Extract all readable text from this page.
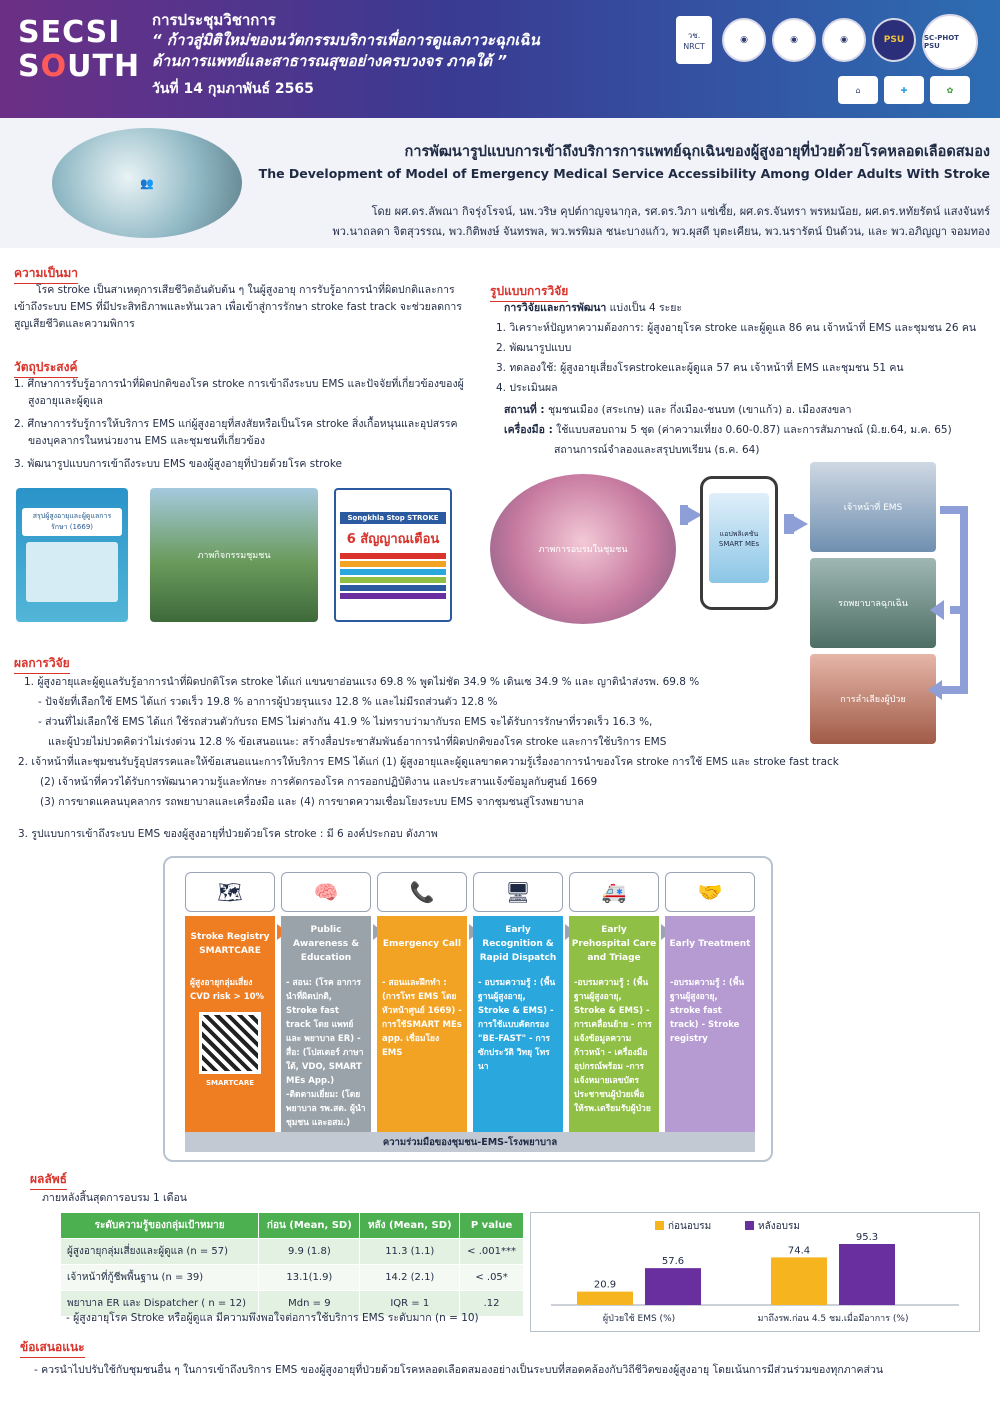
SECSI
SOUTH
การประชุมวิชาการ
“ ก้าวสู่มิติใหม่ของนวัตกรรมบริการเพื่อการดูแลภาวะฉุกเฉิน ด้านการแพทย์และสาธารณสุขอย่างครบวงจร ภาคใต้ ”
วันที่ 14 กุมภาพันธ์ 2565
วช.
NRCT
◉	◉	◉	PSU	SC-PHOT PSU
⌂	✚	✿
👥
การพัฒนารูปแบบการเข้าถึงบริการการแพทย์ฉุกเฉินของผู้สูงอายุที่ป่วยด้วยโรคหลอดเลือดสมอง
The Development of Model of Emergency Medical Service Accessibility Among Older Adults With Stroke
โดย ผศ.ดร.ลัพณา กิจรุ่งโรจน์, นพ.วริษ คุปต์กาญจนากุล, รศ.ดร.วิภา แซ่เซี้ย, ผศ.ดร.จันทรา พรหมน้อย, ผศ.ดร.หทัยรัตน์ แสงจันทร์
พว.นาถลดา จิตสุวรรณ, พว.กิติพงษ์ จันทรพล, พว.พรพิมล ชนะบางแก้ว, พว.ผุสดี บุตะเคียน, พว.นรารัตน์ บินด้วน, และ พว.อภิญญา จอมทอง
ความเป็นมา
โรค stroke เป็นสาเหตุการเสียชีวิตอันดับต้น ๆ ในผู้สูงอายุ การรับรู้อาการนำที่ผิดปกติและการเข้าถึงระบบ EMS ที่มีประสิทธิภาพและทันเวลา เพื่อเข้าสู่การรักษา stroke fast track จะช่วยลดการสูญเสียชีวิตและความพิการ
วัตถุประสงค์
1. ศึกษาการรับรู้อาการนำที่ผิดปกติของโรค stroke การเข้าถึงระบบ EMS และปัจจัยที่เกี่ยวข้องของผู้สูงอายุและผู้ดูแล
2. ศึกษาการรับรู้การให้บริการ EMS แก่ผู้สูงอายุที่สงสัยหรือเป็นโรค stroke สิ่งเกื้อหนุนและอุปสรรคของบุคลากรในหน่วยงาน EMS และชุมชนที่เกี่ยวข้อง
3. พัฒนารูปแบบการเข้าถึงระบบ EMS ของผู้สูงอายุที่ป่วยด้วยโรค stroke
สรุปผู้สูงอายุและผู้ดูแลการรักษา (1669)
ภาพกิจกรรมชุมชน
Songkhla Stop STROKE
6 สัญญาณเตือน
รูปแบบการวิจัย
การวิจัยและการพัฒนา แบ่งเป็น 4 ระยะ
1. วิเคราะห์ปัญหาความต้องการ: ผู้สูงอายุโรค stroke และผู้ดูแล 86 คน เจ้าหน้าที่ EMS และชุมชน 26 คน
2. พัฒนารูปแบบ
3. ทดลองใช้: ผู้สูงอายุเสี่ยงโรคstrokeและผู้ดูแล 57 คน เจ้าหน้าที่ EMS และชุมชน 51 คน
4. ประเมินผล
สถานที่ : ชุมชนเมือง (สระเกษ) และ กึ่งเมือง-ชนบท (เขาแก้ว) อ. เมืองสงขลา
เครื่องมือ : ใช้แบบสอบถาม 5 ชุด (ค่าความเที่ยง 0.60-0.87) และการสัมภาษณ์ (มิ.ย.64, ม.ค. 65)
สถานการณ์จำลองและสรุปบทเรียน (ธ.ค. 64)
ภาพการอบรมในชุมชน
แอปพลิเคชัน SMART MEs
เจ้าหน้าที่ EMS
รถพยาบาลฉุกเฉิน
การลำเลียงผู้ป่วย
ผลการวิจัย
1. ผู้สูงอายุและผู้ดูแลรับรู้อาการนำที่ผิดปกติโรค stroke ได้แก่ แขนขาอ่อนแรง 69.8 % พูดไม่ชัด 34.9 % เดินเซ 34.9 % และ ญาตินำส่งรพ. 69.8 %
- ปัจจัยที่เลือกใช้ EMS ได้แก่ รวดเร็ว 19.8 % อาการผู้ป่วยรุนแรง 12.8 % และไม่มีรถส่วนตัว 12.8 %
- ส่วนที่ไม่เลือกใช้ EMS ได้แก่ ใช้รถส่วนตัวกับรถ EMS ไม่ต่างกัน 41.9 % ไม่ทราบว่ามากับรถ EMS จะได้รับการรักษาที่รวดเร็ว 16.3 %,
และผู้ป่วยไม่ปวดคิดว่าไม่เร่งด่วน 12.8 % ข้อเสนอแนะ: สร้างสื่อประชาสัมพันธ์อาการนำที่ผิดปกติของโรค stroke และการใช้บริการ EMS
2. เจ้าหน้าที่และชุมชนรับรู้อุปสรรคและให้ข้อเสนอแนะการให้บริการ EMS ได้แก่ (1) ผู้สูงอายุและผู้ดูแลขาดความรู้เรื่องอาการนำของโรค stroke การใช้ EMS และ stroke fast track
(2) เจ้าหน้าที่ควรได้รับการพัฒนาความรู้และทักษะ การคัดกรองโรค การออกปฏิบัติงาน และประสานแจ้งข้อมูลกับศูนย์ 1669
(3) การขาดแคลนบุคลากร รถพยาบาลและเครื่องมือ และ (4) การขาดความเชื่อมโยงระบบ EMS จากชุมชนสู่โรงพยาบาล
3. รูปแบบการเข้าถึงระบบ EMS ของผู้สูงอายุที่ป่วยด้วยโรค stroke : มี 6 องค์ประกอบ ดังภาพ
🗺
Stroke Registry SMARTCARE
ผู้สูงอายุกลุ่มเสี่ยง CVD risk > 10%
SMARTCARE
🧠
Public Awareness & Education
- สอน: (โรค อาการนำที่ผิดปกติ, Stroke fast track โดย แพทย์ และ พยาบาล ER) - สื่อ: (โปสเตอร์ ภาษาใต้, VDO, SMART MEs App.) -ติดตามเยี่ยม: (โดย พยาบาล รพ.สต. ผู้นำชุมชน และอสม.)
📞
Emergency Call
- สอนและฝึกทำ : (การโทร EMS โดยหัวหน้าศูนย์ 1669) - การใช้SMART MEs app. เชื่อมโยง EMS
🖥
Early Recognition & Rapid Dispatch
- อบรมความรู้ : (พื้นฐานผู้สูงอายุ, Stroke & EMS) - การใช้แบบคัดกรอง "BE-FAST" - การซักประวัติ วิทยุ โทรนา
🚑
Early Prehospital Care and Triage
-อบรมความรู้ : (พื้นฐานผู้สูงอายุ, Stroke & EMS) - การเคลื่อนย้าย - การแจ้งข้อมูลความก้าวหน้า - เครื่องมืออุปกรณ์พร้อม -การแจ้งหมายเลขบัตรประชาชนผู้ป่วยเพื่อให้รพ.เตรียมรับผู้ป่วย
🤝
Early Treatment
-อบรมความรู้ : (พื้นฐานผู้สูงอายุ, stroke fast track) - Stroke registry
ความร่วมมือของชุมชน-EMS-โรงพยาบาล
ผลลัพธ์
ภายหลังสิ้นสุดการอบรม 1 เดือน
ระดับความรู้ของกลุ่มเป้าหมาย	ก่อน (Mean, SD)	หลัง (Mean, SD)	P value
ผู้สูงอายุกลุ่มเสี่ยงและผู้ดูแล (n = 57)	9.9 (1.8)	11.3 (1.1)	< .001***
เจ้าหน้าที่กู้ชีพพื้นฐาน (n = 39)	13.1(1.9)	14.2 (2.1)	< .05*
พยาบาล ER และ Dispatcher ( n = 12)	Mdn = 9	IQR = 1	.12
- ผู้สูงอายุโรค Stroke หรือผู้ดูแล มีความพึงพอใจต่อการใช้บริการ EMS ระดับมาก (n = 10)
ก่อนอบรม	หลังอบรม
20.9
57.6
ผู้ป่วยใช้ EMS (%)
74.4
95.3
มาถึงรพ.ก่อน 4.5 ชม.เมื่อมีอาการ (%)
ข้อเสนอแนะ
- ควรนำไปปรับใช้กับชุมชนอื่น ๆ ในการเข้าถึงบริการ EMS ของผู้สูงอายุที่ป่วยด้วยโรคหลอดเลือดสมองอย่างเป็นระบบที่สอดคล้องกับวิถีชีวิตของผู้สูงอายุ โดยเน้นการมีส่วนร่วมของทุกภาคส่วน
